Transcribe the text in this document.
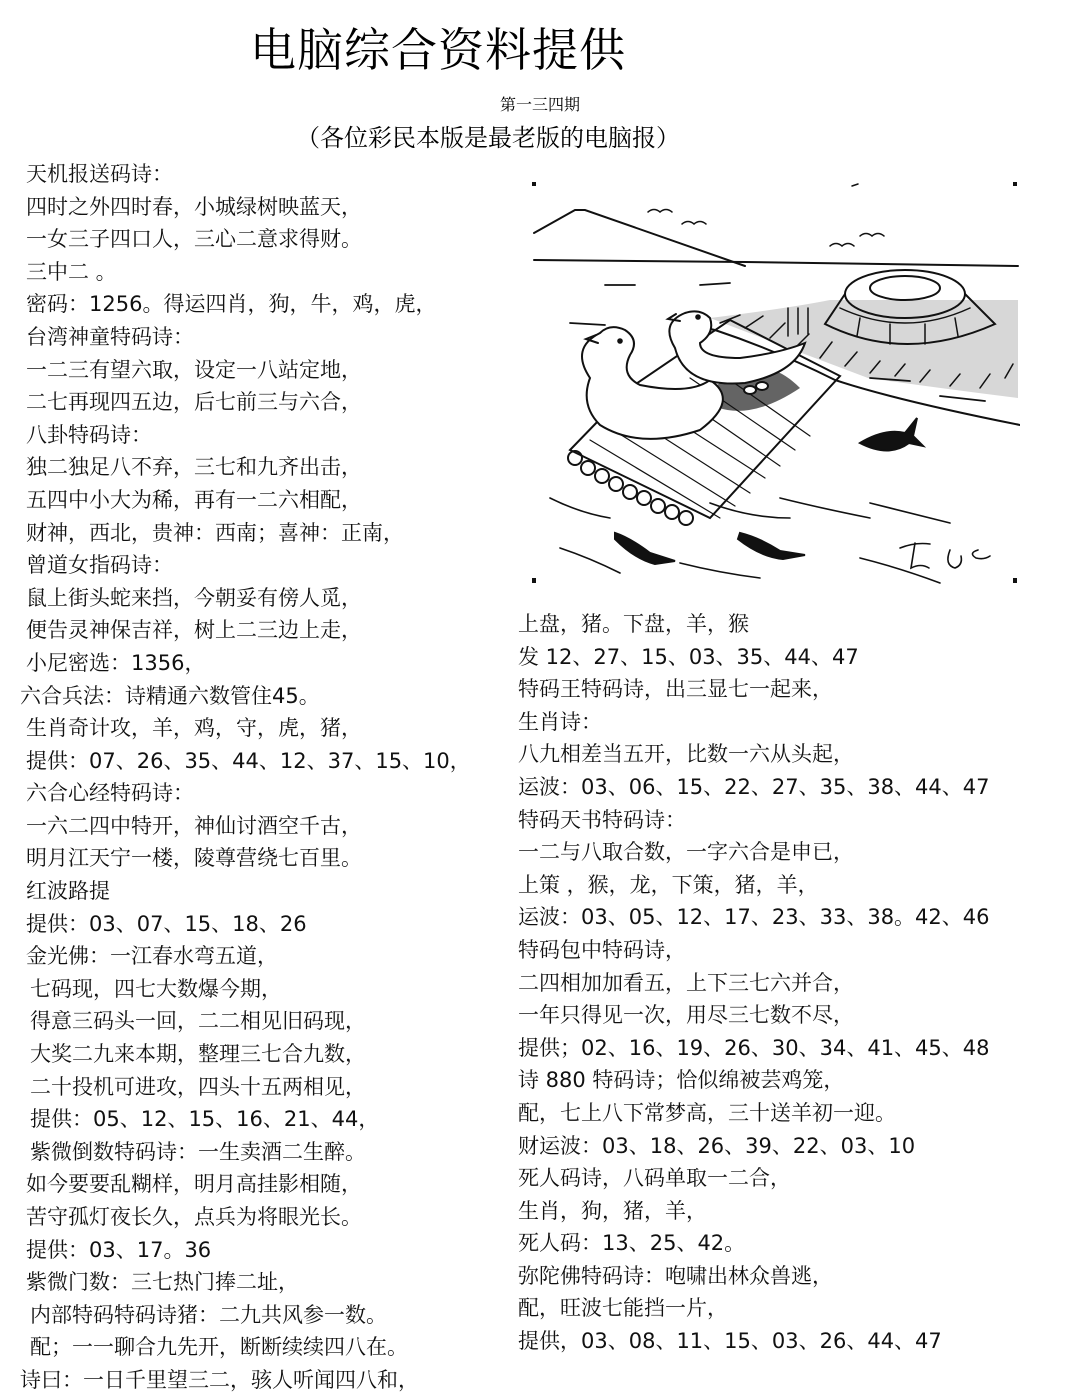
电脑综合资料提供
第一三四期
（各位彩民本版是最老版的电脑报）
天机报送码诗：
四时之外四时春，小城绿树映蓝天，
一女三子四口人，三心二意求得财。
三中二 。
密码：1256。得运四肖，狗，牛，鸡，虎，
台湾神童特码诗：
一二三有望六取，设定一八站定地，
二七再现四五边，后七前三与六合，
八卦特码诗：
独二独足八不弃，三七和九齐出击，
五四中小大为稀，再有一二六相配，
财神，西北，贵神：西南；喜神：正南，
曾道女指码诗：
鼠上街头蛇来挡，今朝妥有傍人觅，
便告灵神保吉祥，树上二三边上走，
小尼密选：1356，
六合兵法：诗精通六数管住45。
生肖奇计攻，羊，鸡，守，虎，猪，
提供：07、26、35、44、12、37、15、10，
六合心经特码诗：
一六二四中特开，神仙讨酒空千古，
明月江天宁一楼，陵尊营绕七百里。
红波路提
提供：03、07、15、18、26
金光佛：一江春水弯五道，
七码现，四七大数爆今期，
得意三码头一回，二二相见旧码现，
大奖二九来本期，整理三七合九数，
二十投机可进攻，四头十五两相见，
提供：05、12、15、16、21、44，
紫微倒数特码诗：一生卖酒二生醉。
如今要要乱糊样，明月高挂影相随，
苦守孤灯夜长久，点兵为将眼光长。
提供：03、17。36
紫微门数：三七热门捧二址，
内部特码特码诗猪：二九共风参一数。
配；一一聊合九先开，断断续续四八在。
诗曰：一日千里望三二，骇人听闻四八和，
上盘，猪。下盘，羊，猴
发 12、27、15、03、35、44、47
特码王特码诗，出三显七一起来，
生肖诗：
八九相差当五开，比数一六从头起，
运波：03、06、15、22、27、35、38、44、47
特码天书特码诗：
一二与八取合数，一字六合是申已，
上策 ，猴，龙，下策，猪，羊，
运波：03、05、12、17、23、33、38。42、46
特码包中特码诗，
二四相加加看五，上下三七六并合，
一年只得见一次，用尽三七数不尽，
提供；02、16、19、26、30、34、41、45、48
诗 880 特码诗；恰似绵被芸鸡笼，
配，七上八下常梦高，三十送羊初一迎。
财运波：03、18、26、39、22、03、10
死人码诗，八码单取一二合，
生肖，狗，猪，羊，
死人码：13、25、42。
弥陀佛特码诗：咆啸出林众兽逃，
配，旺波七能挡一片，
提供，03、08、11、15、03、26、44、47
